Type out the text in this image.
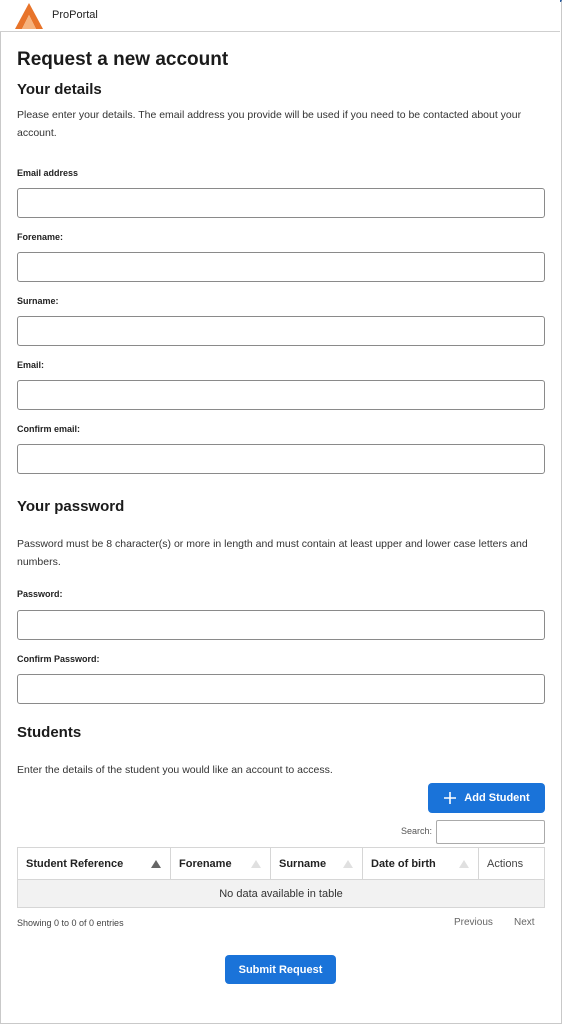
ProPortal
Request a new account
Your details
Please enter your details. The email address you provide will be used if you need to be contacted about your account.
Email address
Forename:
Surname:
Email:
Confirm email:
Your password
Password must be 8 character(s) or more in length and must contain at least upper and lower case letters and numbers.
Password:
Confirm Password:
Students
Enter the details of the student you would like an account to access.
Add Student
Search:
Student Reference	Forename	Surname	Date of birth	Actions
No data available in table
Showing 0 to 0 of 0 entries	Previous Next
Submit Request
